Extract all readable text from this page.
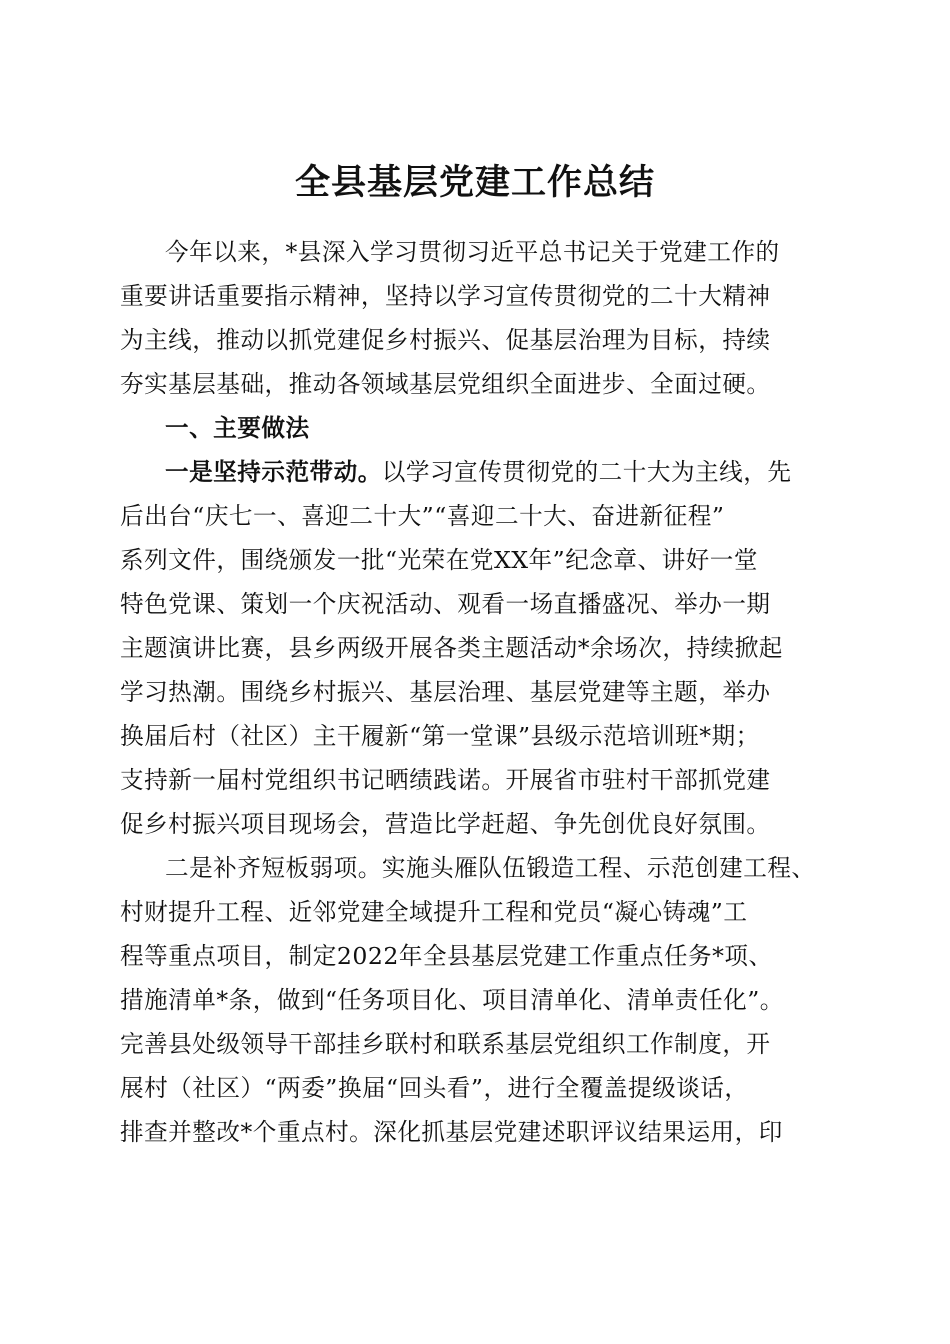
全县基层党建工作总结
今年以来，*县深入学习贯彻习近平总书记关于党建工作的
重要讲话重要指示精神，坚持以学习宣传贯彻党的二十大精神
为主线，推动以抓党建促乡村振兴、促基层治理为目标，持续
夯实基层基础，推动各领域基层党组织全面进步、全面过硬。
一、主要做法
一是坚持示范带动。以学习宣传贯彻党的二十大为主线，先
后出台“庆七一、喜迎二十大”“喜迎二十大、奋进新征程”
系列文件，围绕颁发一批“光荣在党XX年”纪念章、讲好一堂
特色党课、策划一个庆祝活动、观看一场直播盛况、举办一期
主题演讲比赛，县乡两级开展各类主题活动*余场次，持续掀起
学习热潮。围绕乡村振兴、基层治理、基层党建等主题，举办
换届后村（社区）主干履新“第一堂课”县级示范培训班*期；
支持新一届村党组织书记晒绩践诺。开展省市驻村干部抓党建
促乡村振兴项目现场会，营造比学赶超、争先创优良好氛围。
二是补齐短板弱项。实施头雁队伍锻造工程、示范创建工程、
村财提升工程、近邻党建全域提升工程和党员“凝心铸魂”工
程等重点项目，制定2022年全县基层党建工作重点任务*项、
措施清单*条，做到“任务项目化、项目清单化、清单责任化”。
完善县处级领导干部挂乡联村和联系基层党组织工作制度，开
展村（社区）“两委”换届“回头看”，进行全覆盖提级谈话，
排查并整改*个重点村。深化抓基层党建述职评议结果运用，印
